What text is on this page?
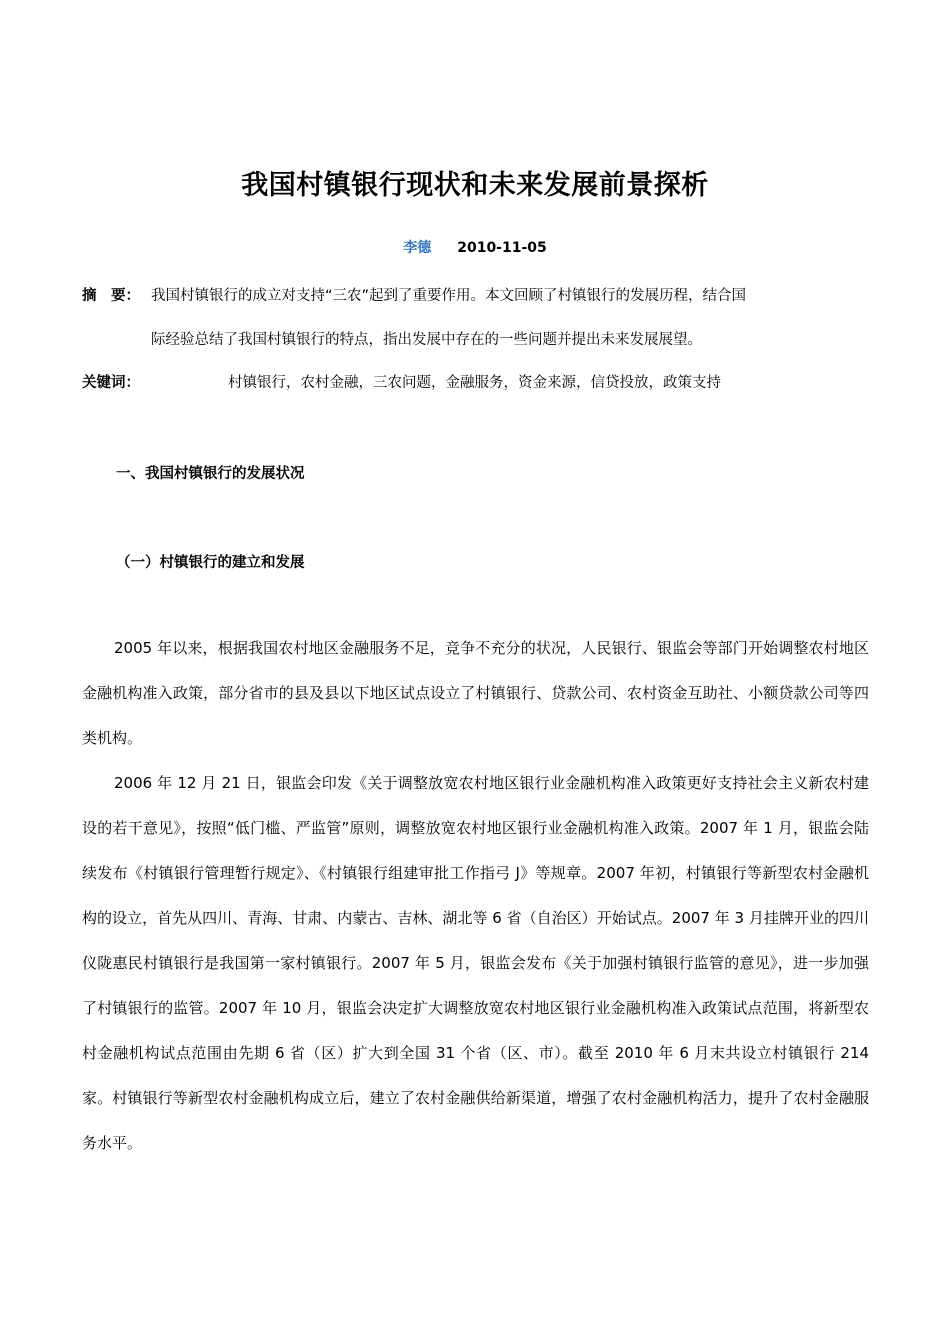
我国村镇银行现状和未来发展前景探析
李德 2010-11-05
摘　要： 我国村镇银行的成立对支持“三农”起到了重要作用。本文回顾了村镇银行的发展历程，结合国
际经验总结了我国村镇银行的特点，指出发展中存在的一些问题并提出未来发展展望。
关键词：	村镇银行，农村金融，三农问题，金融服务，资金来源，信贷投放，政策支持
一、我国村镇银行的发展状况
（一）村镇银行的建立和发展
2005 年以来，根据我国农村地区金融服务不足，竞争不充分的状况，人民银行、银监会等部门开始调整农村地区金融机构准入政策，部分省市的县及县以下地区试点设立了村镇银行、贷款公司、农村资金互助社、小额贷款公司等四类机构。
2006 年 12 月 21 日，银监会印发《关于调整放宽农村地区银行业金融机构准入政策更好支持社会主义新农村建设的若干意见》，按照“低门槛、严监管”原则，调整放宽农村地区银行业金融机构准入政策。2007 年 1 月，银监会陆续发布《村镇银行管理暂行规定》、《村镇银行组建审批工作指弓 J》等规章。2007 年初，村镇银行等新型农村金融机构的设立，首先从四川、青海、甘肃、内蒙古、吉林、湖北等 6 省（自治区）开始试点。2007 年 3 月挂牌开业的四川仪陇惠民村镇银行是我国第一家村镇银行。2007 年 5 月，银监会发布《关于加强村镇银行监管的意见》，进一步加强了村镇银行的监管。2007 年 10 月，银监会决定扩大调整放宽农村地区银行业金融机构准入政策试点范围，将新型农村金融机构试点范围由先期 6 省（区）扩大到全国 31 个省（区、市）。截至 2010 年 6 月末共设立村镇银行 214 家。村镇银行等新型农村金融机构成立后，建立了农村金融供给新渠道，增强了农村金融机构活力，提升了农村金融服务水平。
